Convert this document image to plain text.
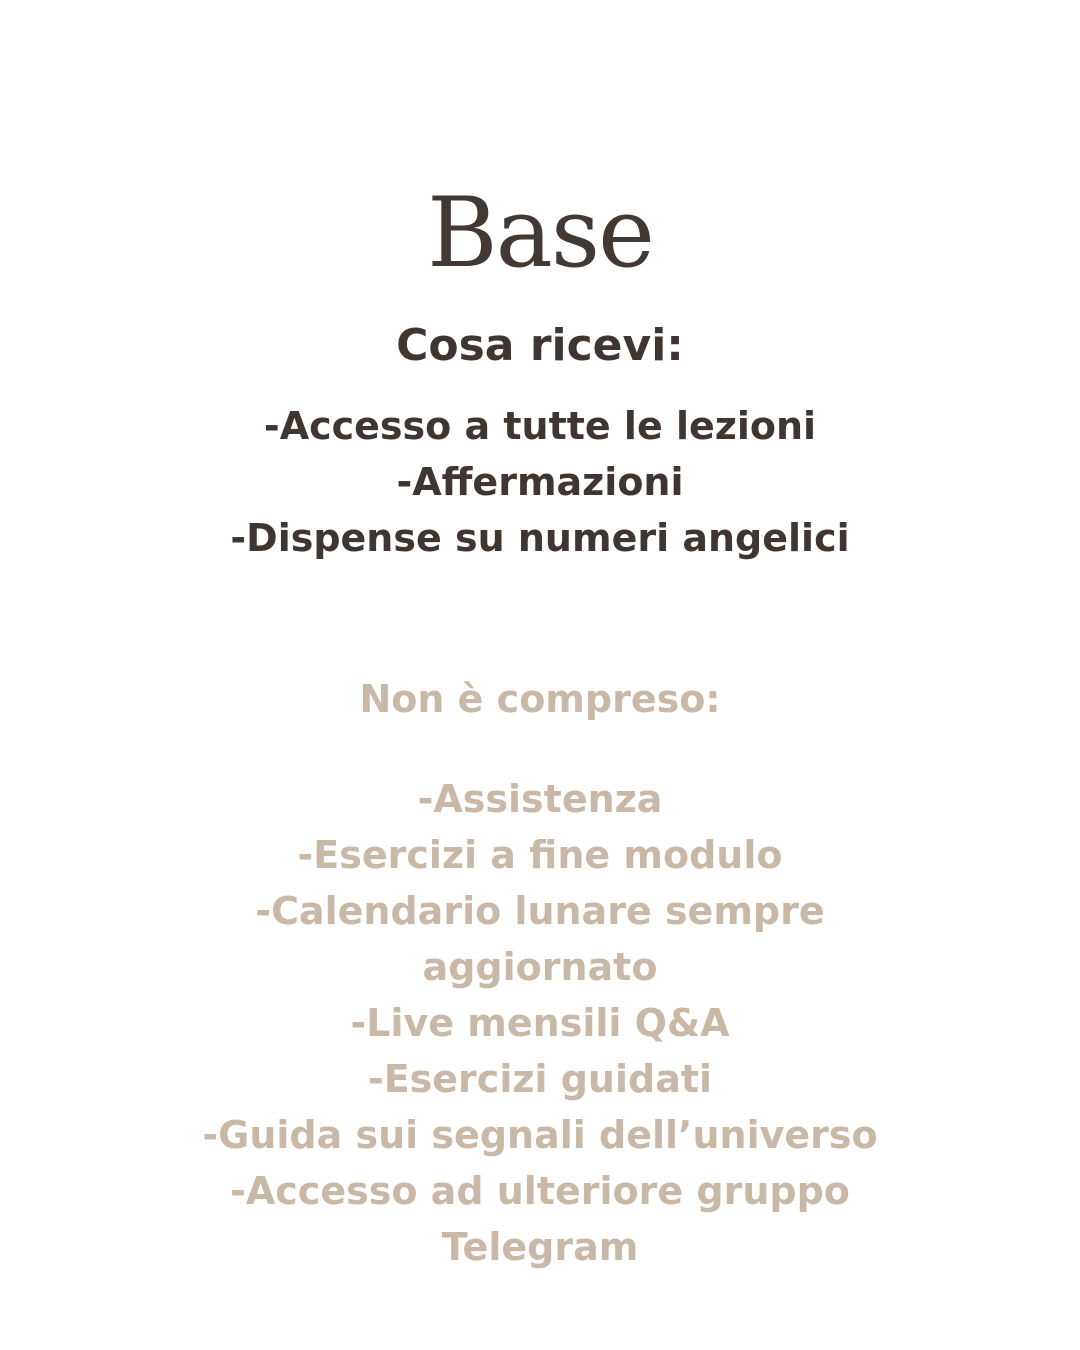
Base
Cosa ricevi:
-Accesso a tutte le lezioni
-Affermazioni
-Dispense su numeri angelici
Non è compreso:
-Assistenza
-Esercizi a fine modulo
-Calendario lunare sempre aggiornato
-Live mensili Q&A
-Esercizi guidati
-Guida sui segnali dell’universo
-Accesso ad ulteriore gruppo Telegram
